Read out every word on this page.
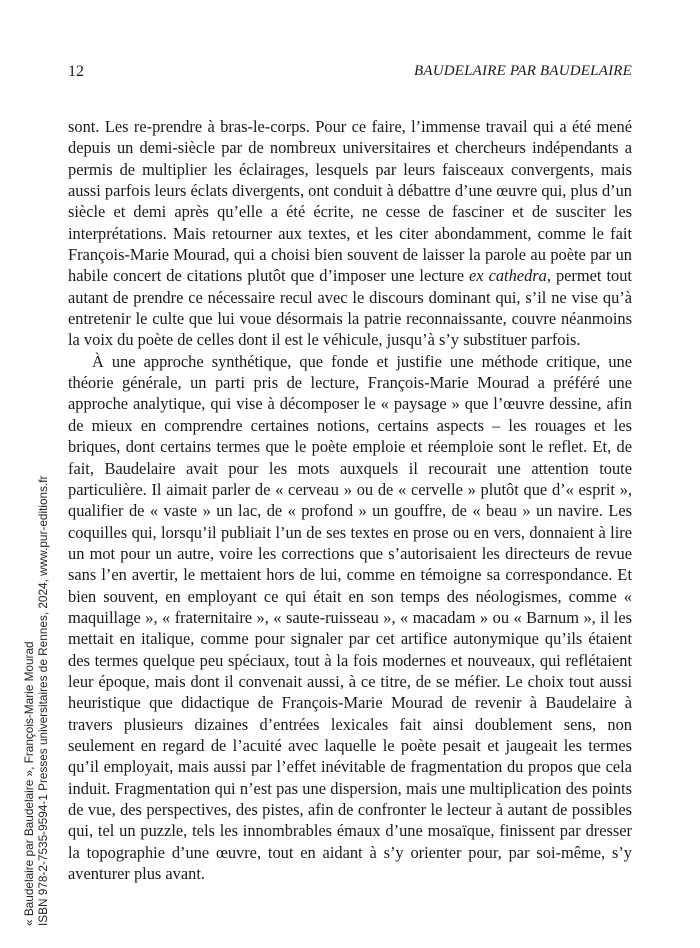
12	BAUDELAIRE PAR BAUDELAIRE

sont. Les re-prendre à bras-le-corps. Pour ce faire, l’immense travail qui a été mené depuis un demi-siècle par de nombreux universitaires et chercheurs indépendants a permis de multiplier les éclairages, lesquels par leurs faisceaux convergents, mais aussi parfois leurs éclats divergents, ont conduit à débattre d’une œuvre qui, plus d’un siècle et demi après qu’elle a été écrite, ne cesse de fasciner et de susciter les interprétations. Mais retourner aux textes, et les citer abondamment, comme le fait François-Marie Mourad, qui a choisi bien souvent de laisser la parole au poète par un habile concert de citations plutôt que d’imposer une lecture ex cathedra, permet tout autant de prendre ce nécessaire recul avec le discours dominant qui, s’il ne vise qu’à entretenir le culte que lui voue désormais la patrie reconnaissante, couvre néanmoins la voix du poète de celles dont il est le véhicule, jusqu’à s’y substituer parfois.

À une approche synthétique, que fonde et justifie une méthode critique, une théorie générale, un parti pris de lecture, François-Marie Mourad a préféré une approche analytique, qui vise à décomposer le « paysage » que l’œuvre dessine, afin de mieux en comprendre certaines notions, certains aspects – les rouages et les briques, dont certains termes que le poète emploie et réemploie sont le reflet. Et, de fait, Baudelaire avait pour les mots auxquels il recourait une attention toute particulière. Il aimait parler de « cerveau » ou de « cervelle » plutôt que d’« esprit », qualifier de « vaste » un lac, de « profond » un gouffre, de « beau » un navire. Les coquilles qui, lorsqu’il publiait l’un de ses textes en prose ou en vers, donnaient à lire un mot pour un autre, voire les corrections que s’autorisaient les directeurs de revue sans l’en avertir, le mettaient hors de lui, comme en témoigne sa correspondance. Et bien souvent, en employant ce qui était en son temps des néologismes, comme « maquillage », « fraternitaire », « saute-ruisseau », « macadam » ou « Barnum », il les mettait en italique, comme pour signaler par cet artifice autonymique qu’ils étaient des termes quelque peu spéciaux, tout à la fois modernes et nouveaux, qui reflétaient leur époque, mais dont il convenait aussi, à ce titre, de se méfier. Le choix tout aussi heuristique que didactique de François-Marie Mourad de revenir à Baudelaire à travers plusieurs dizaines d’entrées lexicales fait ainsi doublement sens, non seulement en regard de l’acuité avec laquelle le poète pesait et jaugeait les termes qu’il employait, mais aussi par l’effet inévitable de fragmentation du propos que cela induit. Fragmentation qui n’est pas une dispersion, mais une multiplication des points de vue, des perspectives, des pistes, afin de confronter le lecteur à autant de possibles qui, tel un puzzle, tels les innombrables émaux d’une mosaïque, finissent par dresser la topographie d’une œuvre, tout en aidant à s’y orienter pour, par soi-même, s’y aventurer plus avant.

« Baudelaire par Baudelaire », François-Marie Mourad ISBN 978-2-7535-9594-1 Presses universitaires de Rennes, 2024, www.pur-editions.fr
